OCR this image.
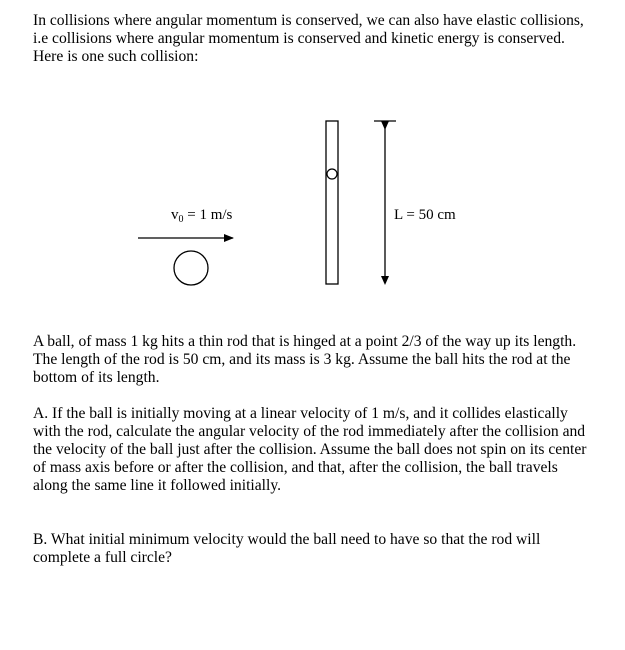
In collisions where angular momentum is conserved, we can also have elastic collisions,
i.e collisions where angular momentum is conserved and kinetic energy is conserved.
Here is one such collision:
$v_0 = 1$ m/s	L = 50 cm
A ball, of mass 1 kg hits a thin rod that is hinged at a point 2/3 of the way up its length.
The length of the rod is 50 cm, and its mass is 3 kg. Assume the ball hits the rod at the
bottom of its length.
A. If the ball is initially moving at a linear velocity of 1 m/s, and it collides elastically
with the rod, calculate the angular velocity of the rod immediately after the collision and
the velocity of the ball just after the collision. Assume the ball does not spin on its center
of mass axis before or after the collision, and that, after the collision, the ball travels
along the same line it followed initially.
B. What initial minimum velocity would the ball need to have so that the rod will
complete a full circle?
